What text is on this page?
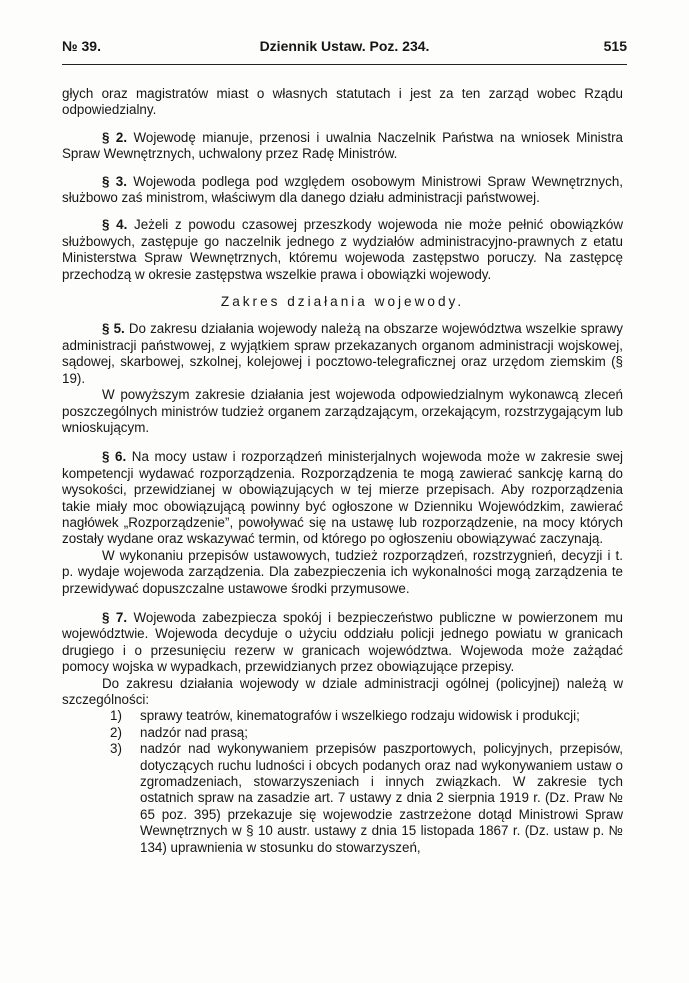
№ 39.	Dziennik Ustaw. Poz. 234.	515

głych oraz magistratów miast o własnych statutach i jest za ten zarząd wobec Rządu odpowiedzialny.

§ 2. Wojewodę mianuje, przenosi i uwalnia Naczelnik Państwa na wniosek Ministra Spraw Wewnętrznych, uchwalony przez Radę Ministrów.

§ 3. Wojewoda podlega pod względem osobowym Ministrowi Spraw Wewnętrznych, służbowo zaś ministrom, właściwym dla danego działu administracji państwowej.

§ 4. Jeżeli z powodu czasowej przeszkody wojewoda nie może pełnić obowiązków służbowych, zastępuje go naczelnik jednego z wydziałów administracyjno-prawnych z etatu Ministerstwa Spraw Wewnętrznych, któremu wojewoda zastępstwo poruczy. Na zastępcę przechodzą w okresie zastępstwa wszelkie prawa i obowiązki wojewody.

Zakres działania wojewody.

§ 5. Do zakresu działania wojewody należą na obszarze województwa wszelkie sprawy administracji państwowej, z wyjątkiem spraw przekazanych organom administracji wojskowej, sądowej, skarbowej, szkolnej, kolejowej i pocztowo-telegraficznej oraz urzędom ziemskim (§ 19).

W powyższym zakresie działania jest wojewoda odpowiedzialnym wykonawcą zleceń poszczególnych ministrów tudzież organem zarządzającym, orzekającym, rozstrzygającym lub wnioskującym.

§ 6. Na mocy ustaw i rozporządzeń ministerjalnych wojewoda może w zakresie swej kompetencji wydawać rozporządzenia. Rozporządzenia te mogą zawierać sankcję karną do wysokości, przewidzianej w obowiązujących w tej mierze przepisach. Aby rozporządzenia takie miały moc obowiązującą powinny być ogłoszone w Dzienniku Wojewódzkim, zawierać nagłówek „Rozporządzenie”, powoływać się na ustawę lub rozporządzenie, na mocy których zostały wydane oraz wskazywać termin, od którego po ogłoszeniu obowiązywać zaczynają.

W wykonaniu przepisów ustawowych, tudzież rozporządzeń, rozstrzygnień, decyzji i t. p. wydaje wojewoda zarządzenia. Dla zabezpieczenia ich wykonalności mogą zarządzenia te przewidywać dopuszczalne ustawowe środki przymusowe.

§ 7. Wojewoda zabezpiecza spokój i bezpieczeństwo publiczne w powierzonem mu województwie. Wojewoda decyduje o użyciu oddziału policji jednego powiatu w granicach drugiego i o przesunięciu rezerw w granicach województwa. Wojewoda może zażądać pomocy wojska w wypadkach, przewidzianych przez obowiązujące przepisy.

Do zakresu działania wojewody w dziale administracji ogólnej (policyjnej) należą w szczególności:

1) sprawy teatrów, kinematografów i wszelkiego rodzaju widowisk i produkcji;
2) nadzór nad prasą;
3) nadzór nad wykonywaniem przepisów paszportowych, policyjnych, przepisów, dotyczących ruchu ludności i obcych podanych oraz nad wykonywaniem ustaw o zgromadzeniach, stowarzyszeniach i innych związkach. W zakresie tych ostatnich spraw na zasadzie art. 7 ustawy z dnia 2 sierpnia 1919 r. (Dz. Praw № 65 poz. 395) przekazuje się wojewodzie zastrzeżone dotąd Ministrowi Spraw Wewnętrznych w § 10 austr. ustawy z dnia 15 listopada 1867 r. (Dz. ustaw p. № 134) uprawnienia w stosunku do stowarzyszeń,
